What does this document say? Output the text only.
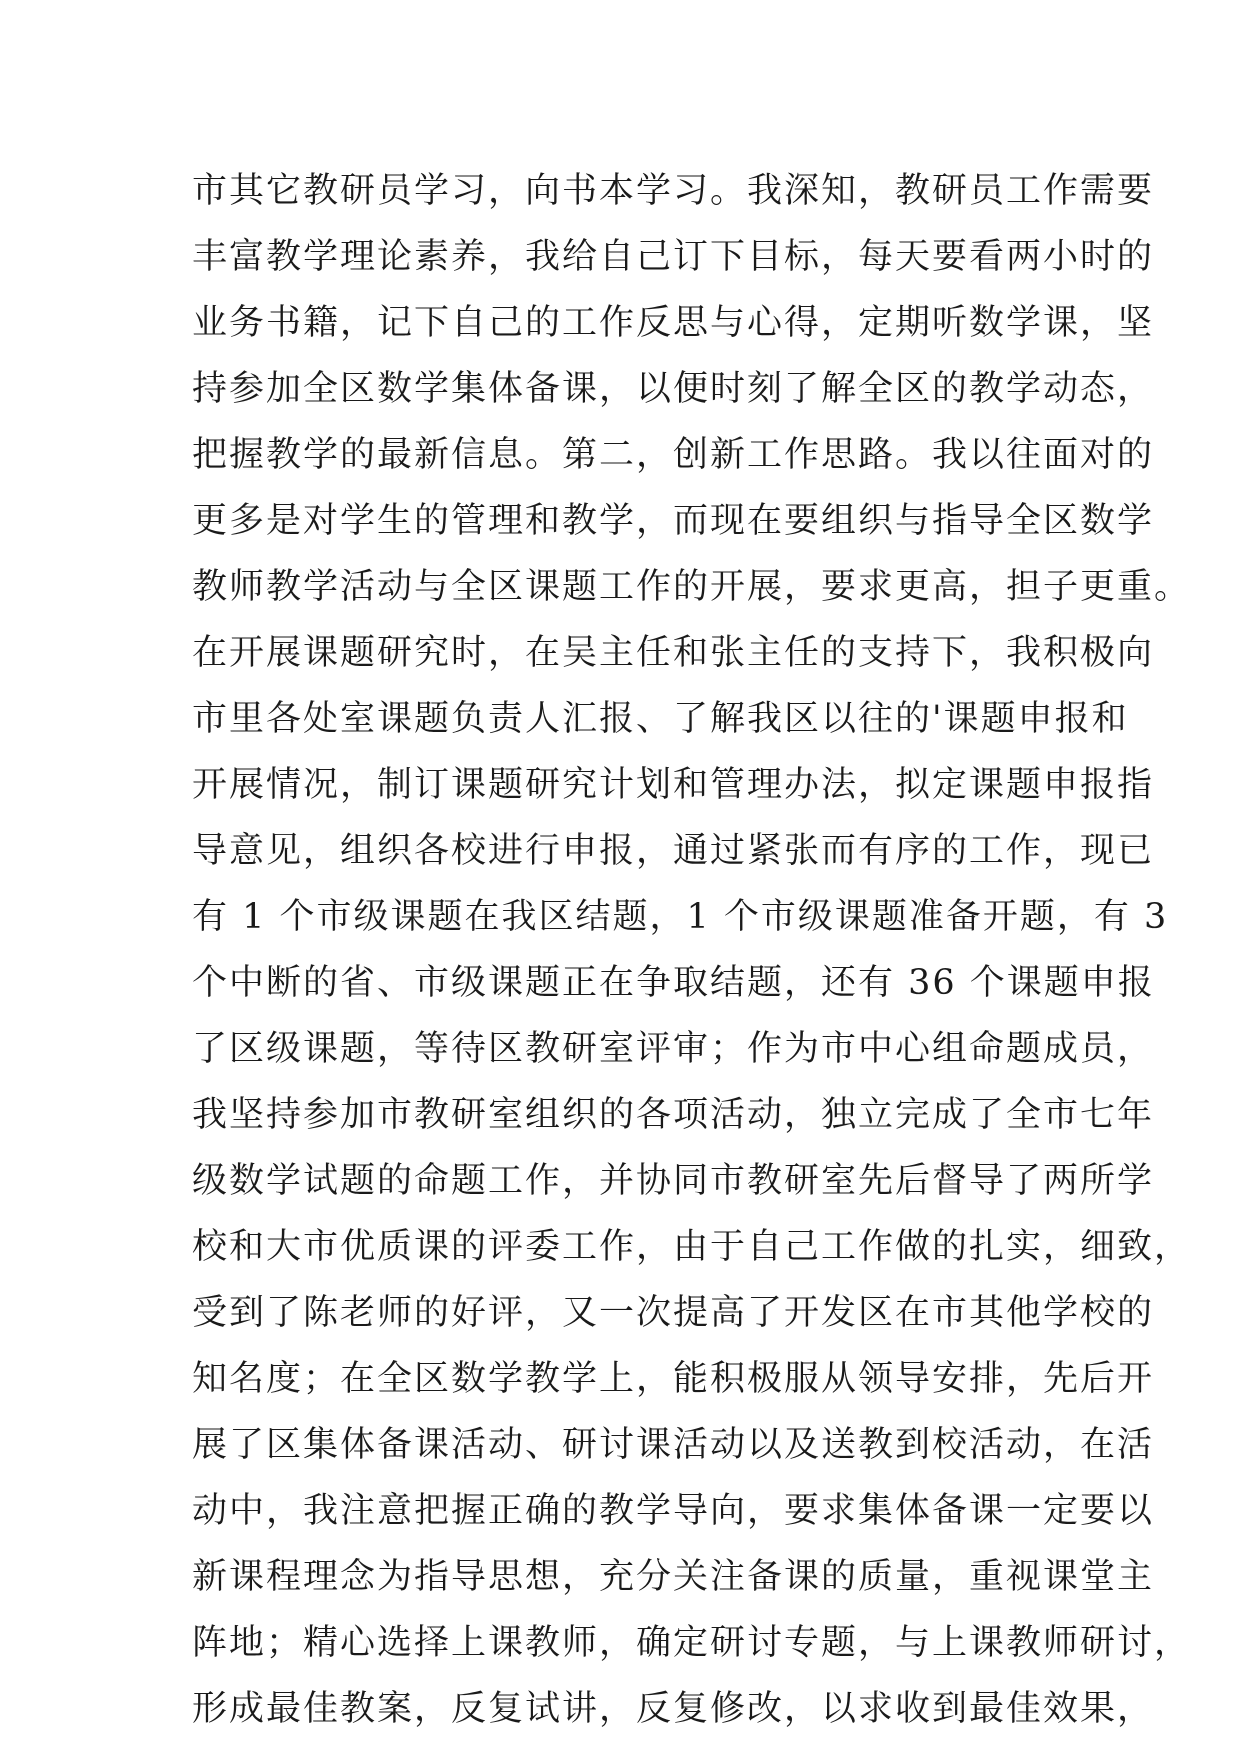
市其它教研员学习，向书本学习。我深知，教研员工作需要
丰富教学理论素养，我给自己订下目标，每天要看两小时的
业务书籍，记下自己的工作反思与心得，定期听数学课，坚
持参加全区数学集体备课，以便时刻了解全区的教学动态，
把握教学的最新信息。第二，创新工作思路。我以往面对的
更多是对学生的管理和教学，而现在要组织与指导全区数学
教师教学活动与全区课题工作的开展，要求更高，担子更重。
在开展课题研究时，在吴主任和张主任的支持下，我积极向
市里各处室课题负责人汇报、了解我区以往的'课题申报和
开展情况，制订课题研究计划和管理办法，拟定课题申报指
导意见，组织各校进行申报，通过紧张而有序的工作，现已
有 1 个市级课题在我区结题，1 个市级课题准备开题，有 3
个中断的省、市级课题正在争取结题，还有 36 个课题申报
了区级课题，等待区教研室评审；作为市中心组命题成员，
我坚持参加市教研室组织的各项活动，独立完成了全市七年
级数学试题的命题工作，并协同市教研室先后督导了两所学
校和大市优质课的评委工作，由于自己工作做的扎实，细致，
受到了陈老师的好评，又一次提高了开发区在市其他学校的
知名度；在全区数学教学上，能积极服从领导安排，先后开
展了区集体备课活动、研讨课活动以及送教到校活动，在活
动中，我注意把握正确的教学导向，要求集体备课一定要以
新课程理念为指导思想，充分关注备课的质量，重视课堂主
阵地；精心选择上课教师，确定研讨专题，与上课教师研讨，
形成最佳教案，反复试讲，反复修改，以求收到最佳效果，
